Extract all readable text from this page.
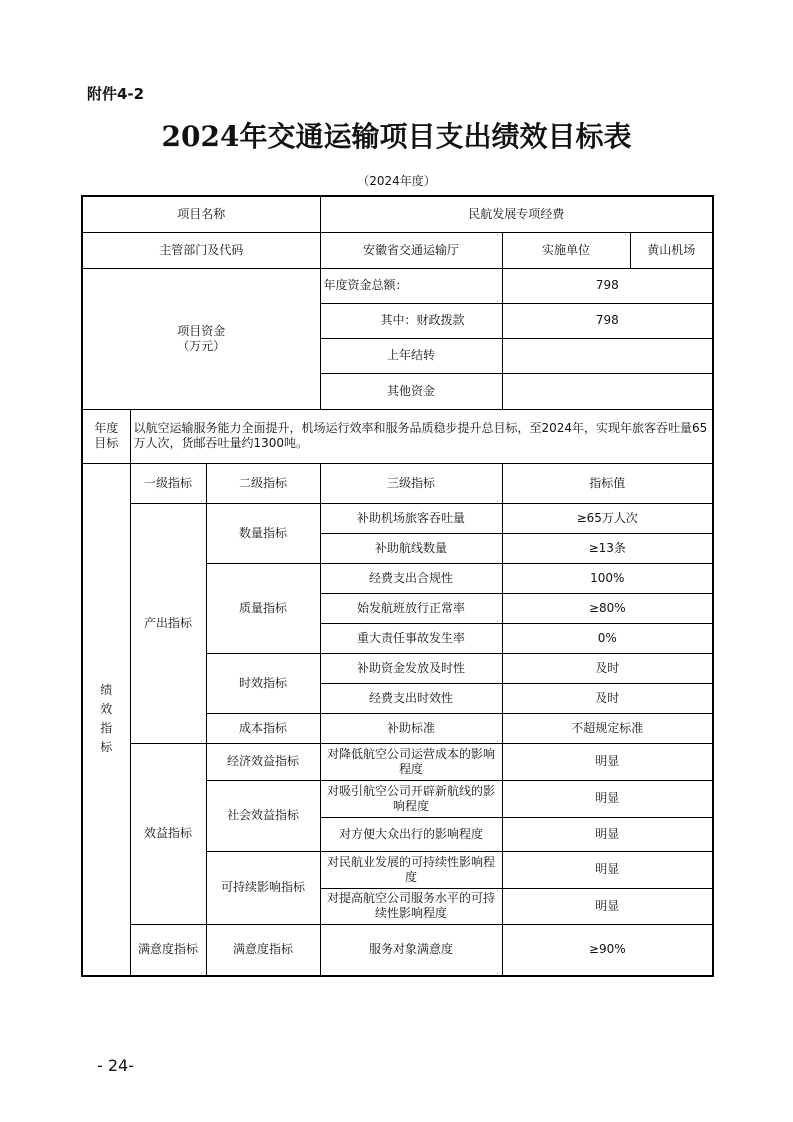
附件4-2
2024年交通运输项目支出绩效目标表
（2024年度）
项目名称			民航发展专项经费		
主管部门及代码			安徽省交通运输厅	实施单位	黄山机场
项目资金
（万元）			年度资金总额：	798	
			其中：财政拨款	798	
			上年结转		
			其他资金		
年度
目标	以航空运输服务能力全面提升，机场运行效率和服务品质稳步提升总目标，至2024年，实现年旅客吞吐量65万人次，货邮吞吐量约1300吨。				
绩
效
指
标	一级指标	二级指标	三级指标	指标值	
	产出指标	数量指标	补助机场旅客吞吐量	≥65万人次	
			补助航线数量	≥13条	
		质量指标	经费支出合规性	100%	
			始发航班放行正常率	≥80%	
			重大责任事故发生率	0%	
		时效指标	补助资金发放及时性	及时	
			经费支出时效性	及时	
		成本指标	补助标准	不超规定标准	
	效益指标	经济效益指标	对降低航空公司运营成本的影响程度	明显	
		社会效益指标	对吸引航空公司开辟新航线的影响程度	明显	
			对方便大众出行的影响程度	明显	
		可持续影响指标	对民航业发展的可持续性影响程度	明显	
			对提高航空公司服务水平的可持续性影响程度	明显	
	满意度指标	满意度指标	服务对象满意度	≥90%	
- 24-
